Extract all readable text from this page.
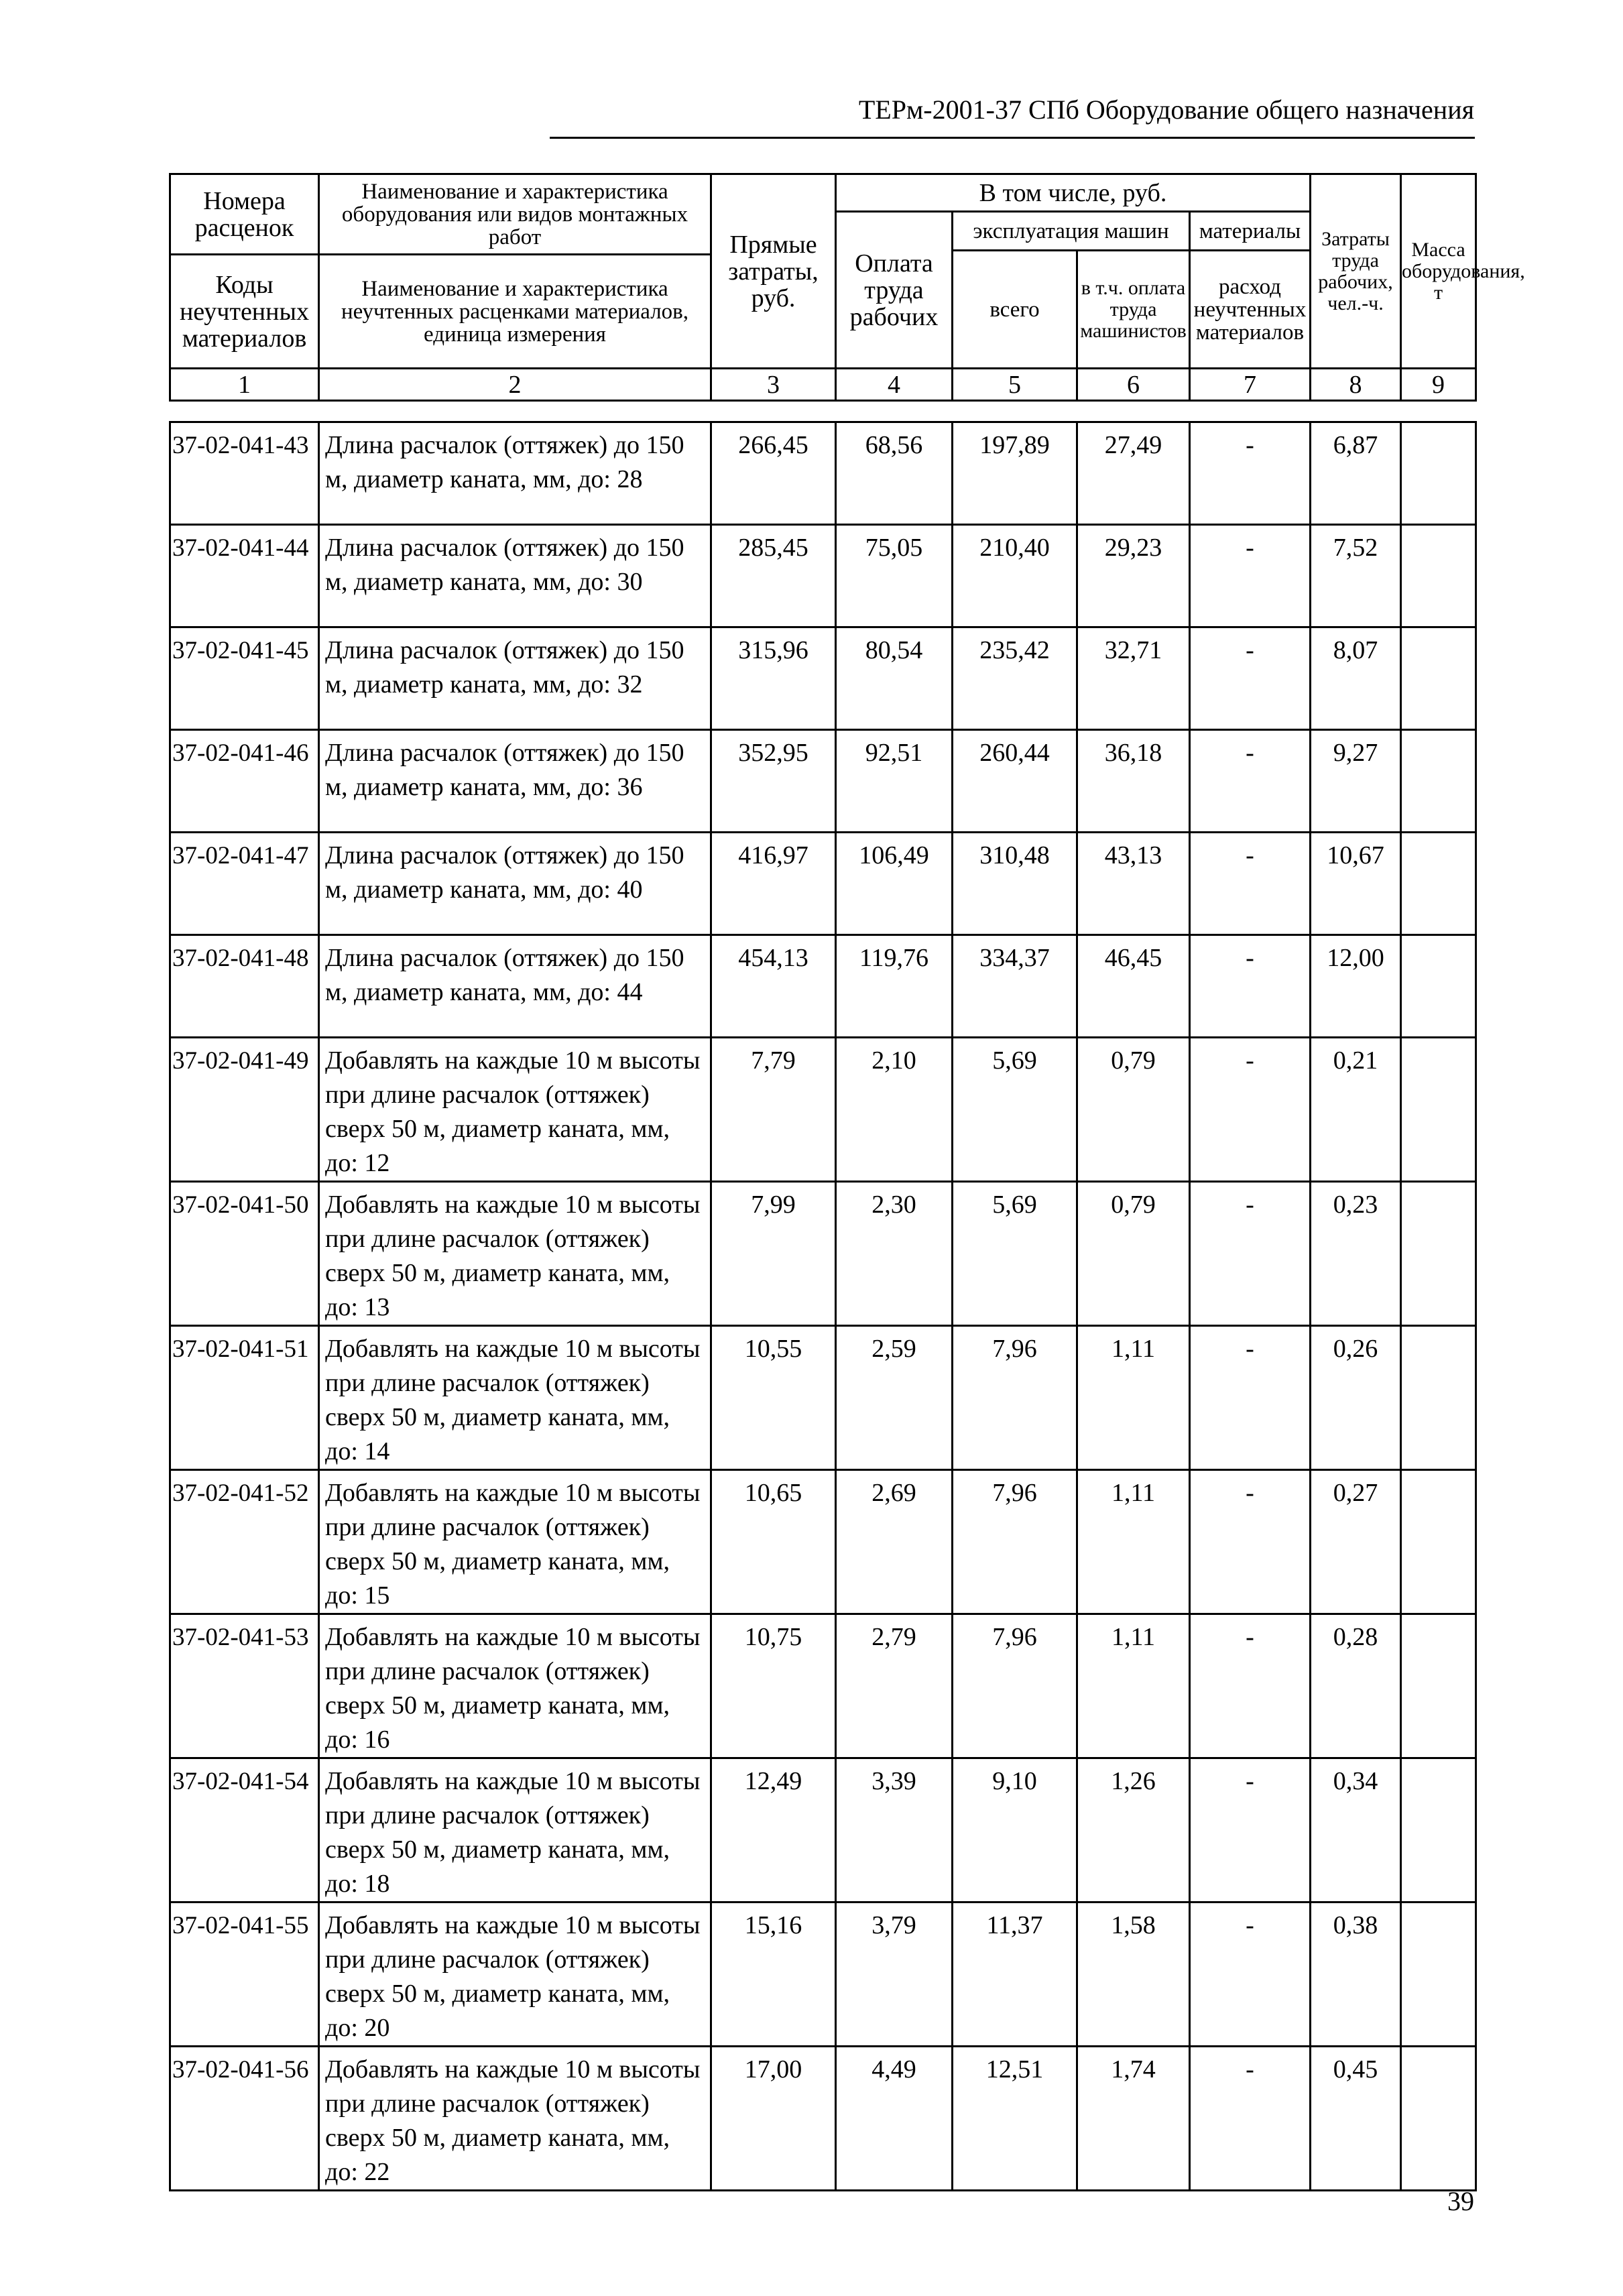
ТЕРм-2001-37 СПб Оборудование общего назначения
Номера расценок	Наименование и характеристика оборудования или видов монтажных работ	Прямые затраты, руб.	В том числе, руб.				Затраты труда рабочих, чел.-ч.	Масса оборудования, т
			Оплата труда рабочих	эксплуатация машин		материалы		
				всего	в т.ч. оплата труда машинистов	расход неучтенных материалов		
Коды неучтенных материалов	Наименование и характеристика неучтенных расценками материалов, единица измерения							

1	2	3	4	5	6	7	8	9
37-02-041-43	Длина расчалок (оттяжек) до 150 м, диаметр каната, мм, до: 28	266,45	68,56	197,89	27,49	-	6,87	
37-02-041-44	Длина расчалок (оттяжек) до 150 м, диаметр каната, мм, до: 30	285,45	75,05	210,40	29,23	-	7,52	
37-02-041-45	Длина расчалок (оттяжек) до 150 м, диаметр каната, мм, до: 32	315,96	80,54	235,42	32,71	-	8,07	
37-02-041-46	Длина расчалок (оттяжек) до 150 м, диаметр каната, мм, до: 36	352,95	92,51	260,44	36,18	-	9,27	
37-02-041-47	Длина расчалок (оттяжек) до 150 м, диаметр каната, мм, до: 40	416,97	106,49	310,48	43,13	-	10,67	
37-02-041-48	Длина расчалок (оттяжек) до 150 м, диаметр каната, мм, до: 44	454,13	119,76	334,37	46,45	-	12,00	
37-02-041-49	Добавлять на каждые 10 м высоты при длине расчалок (оттяжек) сверх 50 м, диаметр каната, мм, до: 12	7,79	2,10	5,69	0,79	-	0,21	
37-02-041-50	Добавлять на каждые 10 м высоты при длине расчалок (оттяжек) сверх 50 м, диаметр каната, мм, до: 13	7,99	2,30	5,69	0,79	-	0,23	
37-02-041-51	Добавлять на каждые 10 м высоты при длине расчалок (оттяжек) сверх 50 м, диаметр каната, мм, до: 14	10,55	2,59	7,96	1,11	-	0,26	
37-02-041-52	Добавлять на каждые 10 м высоты при длине расчалок (оттяжек) сверх 50 м, диаметр каната, мм, до: 15	10,65	2,69	7,96	1,11	-	0,27	
37-02-041-53	Добавлять на каждые 10 м высоты при длине расчалок (оттяжек) сверх 50 м, диаметр каната, мм, до: 16	10,75	2,79	7,96	1,11	-	0,28	
37-02-041-54	Добавлять на каждые 10 м высоты при длине расчалок (оттяжек) сверх 50 м, диаметр каната, мм, до: 18	12,49	3,39	9,10	1,26	-	0,34	
37-02-041-55	Добавлять на каждые 10 м высоты при длине расчалок (оттяжек) сверх 50 м, диаметр каната, мм, до: 20	15,16	3,79	11,37	1,58	-	0,38	
37-02-041-56	Добавлять на каждые 10 м высоты при длине расчалок (оттяжек) сверх 50 м, диаметр каната, мм, до: 22	17,00	4,49	12,51	1,74	-	0,45	
39
